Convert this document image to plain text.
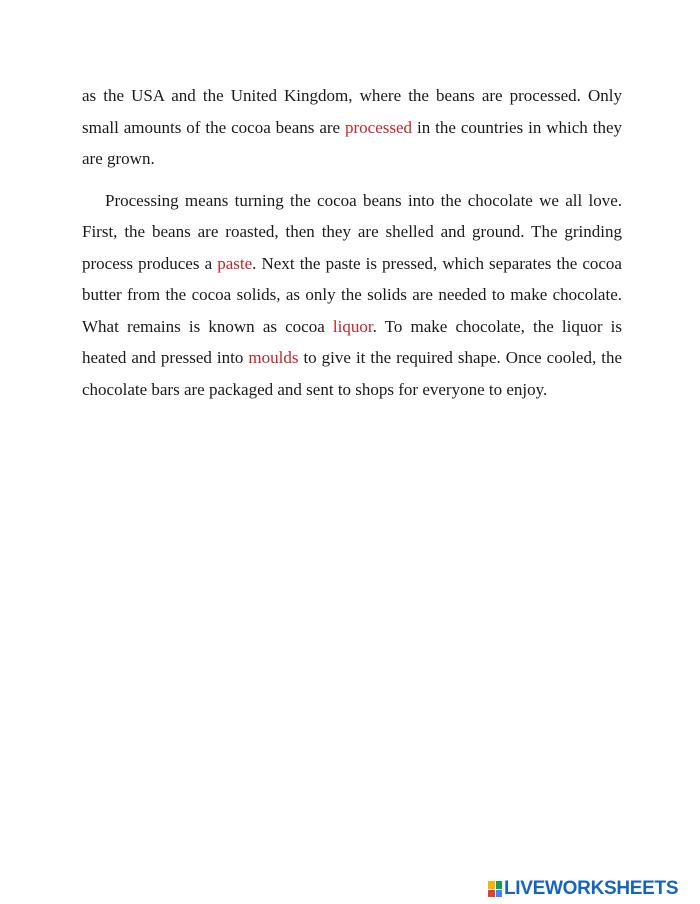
as the USA and the United Kingdom, where the beans are processed. Only small amounts of the cocoa beans are processed in the countries in which they are grown.

Processing means turning the cocoa beans into the chocolate we all love. First, the beans are roasted, then they are shelled and ground. The grinding process produces a paste. Next the paste is pressed, which separates the cocoa butter from the cocoa solids, as only the solids are needed to make chocolate. What remains is known as cocoa liquor. To make chocolate, the liquor is heated and pressed into moulds to give it the required shape. Once cooled, the chocolate bars are packaged and sent to shops for everyone to enjoy.

LIVEWORKSHEETS
